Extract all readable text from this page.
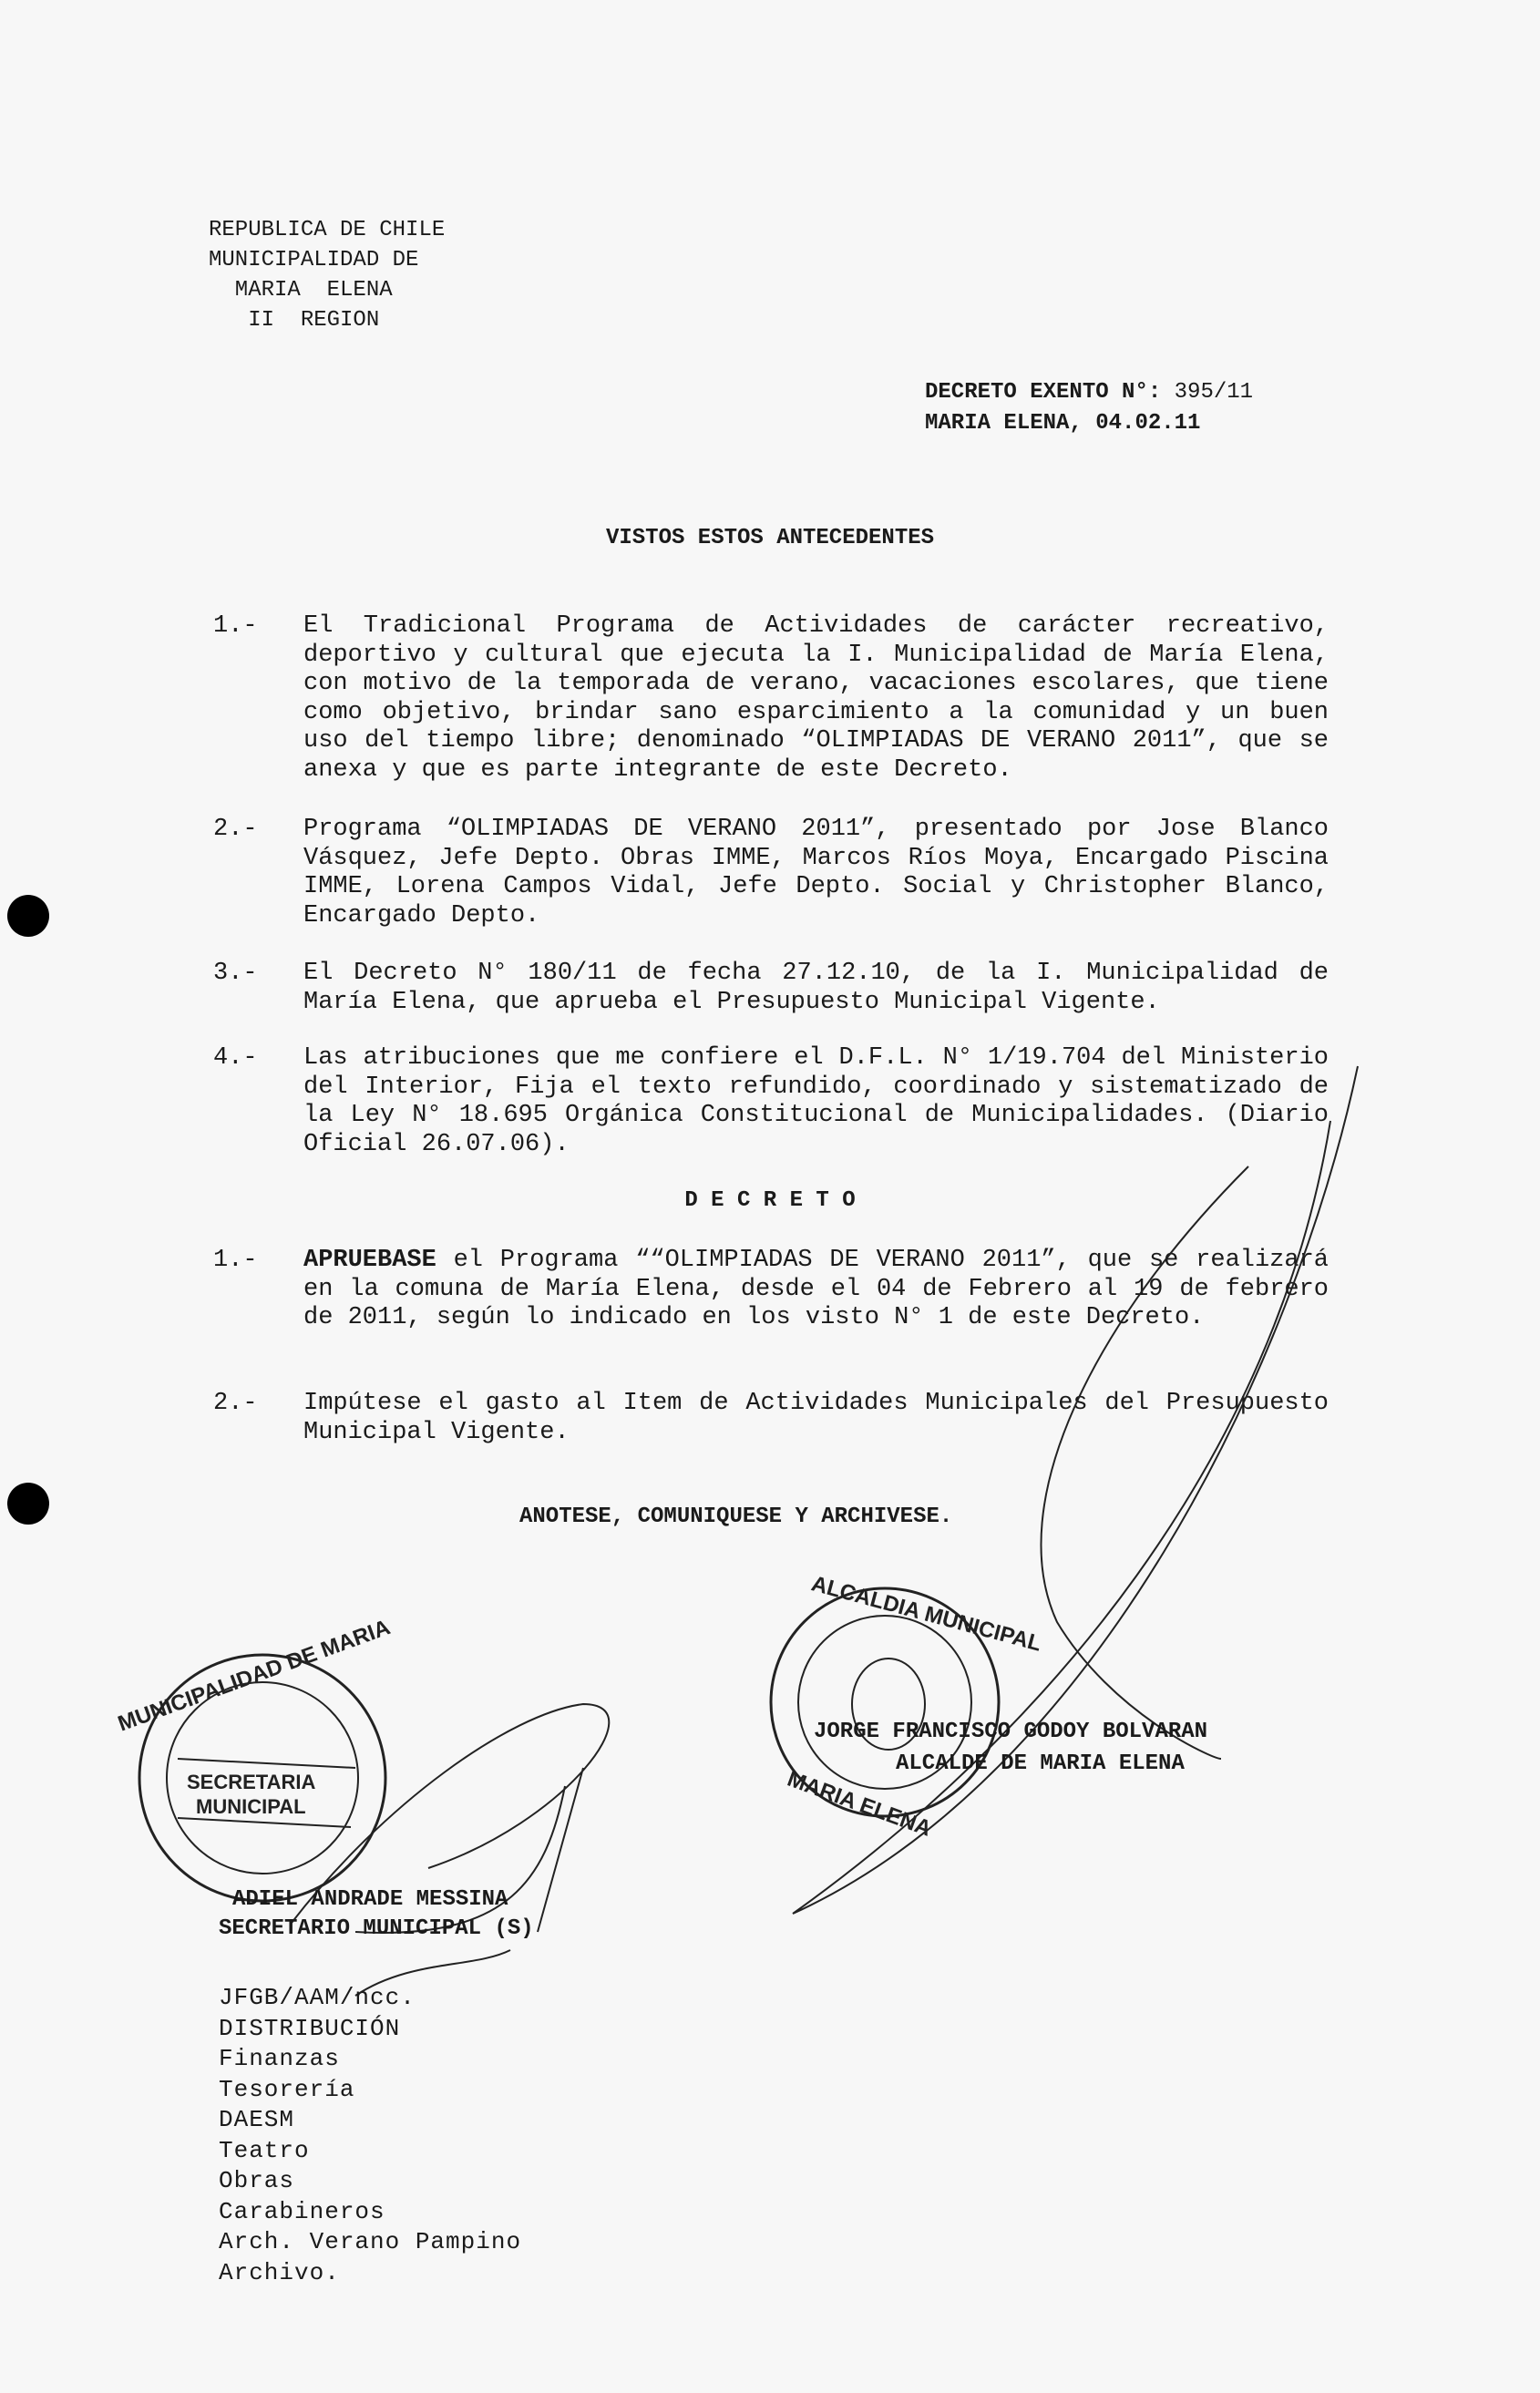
REPUBLICA DE CHILE
MUNICIPALIDAD DE
MARIA  ELENA
II  REGION
DECRETO EXENTO N°: 395/11
MARIA ELENA, 04.02.11
VISTOS ESTOS ANTECEDENTES
1.- El Tradicional Programa de Actividades de carácter recreativo, deportivo y cultural que ejecuta la I. Municipalidad de María Elena, con motivo de la temporada de verano, vacaciones escolares, que tiene como objetivo, brindar sano esparcimiento a la comunidad y un buen uso del tiempo libre; denominado “OLIMPIADAS DE VERANO 2011”, que se anexa y que es parte integrante de este Decreto.
2.- Programa “OLIMPIADAS DE VERANO 2011”, presentado por Jose Blanco Vásquez, Jefe Depto. Obras IMME, Marcos Ríos Moya, Encargado Piscina IMME, Lorena Campos Vidal, Jefe Depto. Social y Christopher Blanco, Encargado Depto.
3.- El Decreto N° 180/11 de fecha 27.12.10, de la I. Municipalidad de María Elena, que aprueba el Presupuesto Municipal Vigente.
4.- Las atribuciones que me confiere el D.F.L. N° 1/19.704 del Ministerio del Interior, Fija el texto refundido, coordinado y sistematizado de la Ley N° 18.695 Orgánica Constitucional de Municipalidades. (Diario Oficial 26.07.06).
D E C R E T O
1.- APRUEBASE el Programa ““OLIMPIADAS DE VERANO 2011”, que se realizará en la comuna de María Elena, desde el 04 de Febrero al 19 de febrero de 2011, según lo indicado en los visto N° 1 de este Decreto.
2.- Impútese el gasto al Item de Actividades Municipales del Presupuesto Municipal Vigente.
ANOTESE, COMUNIQUESE Y ARCHIVESE.
ALCALDIA MUNICIPAL
MARIA ELENA
MUNICIPALIDAD DE MARIA
SECRETARIA
MUNICIPAL
JORGE FRANCISCO GODOY BOLVARAN
ALCALDE DE MARIA ELENA
ADIEL ANDRADE MESSINA
SECRETARIO MUNICIPAL (S)
JFGB/AAM/ncc.
DISTRIBUCIÓN
Finanzas
Tesorería
DAESM
Teatro
Obras
Carabineros
Arch. Verano Pampino
Archivo.
